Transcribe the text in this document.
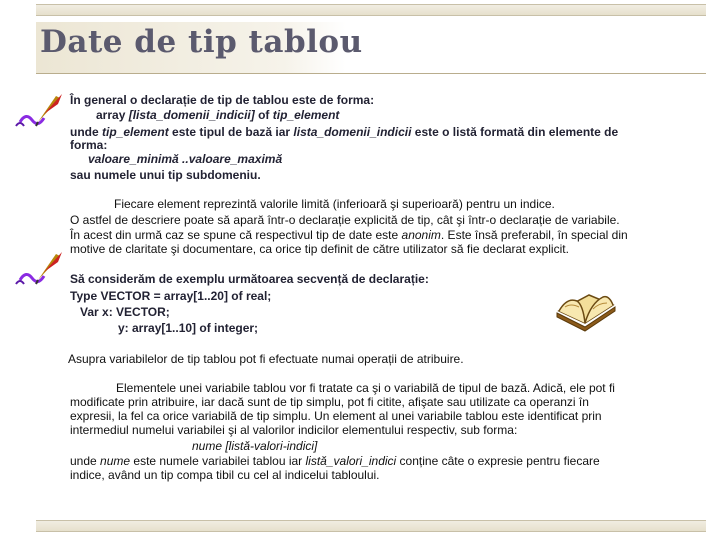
Date de tip tablou

În general o declarație de tip de tablou este de forma:

array [lista_domenii_indicii] of tip_element

unde tip_element este tipul de bază iar lista_domenii_indicii este o listă formată din elemente de

forma:

valoare_minimă ..valoare_maximă

sau numele unui tip subdomeniu.

Fiecare element reprezintă valorile limită (inferioară şi superioară) pentru un indice.

O astfel de descriere poate să apară într-o declarație explicită de tip, cât şi într-o declarație de variabile.

În acest din urmă caz se spune că respectivul tip de date este anonim. Este însă preferabil, în special din

motive de claritate şi documentare, ca orice tip definit de către utilizator să fie declarat explicit.

Să considerăm de exemplu următoarea secvență de declarație:

Type VECTOR = array[1..20] of real;

Var x: VECTOR;

y: array[1..10] of integer;

Asupra variabilelor de tip tablou pot fi efectuate numai operații de atribuire.

Elementele unei variabile tablou vor fi tratate ca şi o variabilă de tipul de bază. Adică, ele pot fi

modificate prin atribuire, iar dacă sunt de tip simplu, pot fi citite, afişate sau utilizate ca operanzi în

expresii, la fel ca orice variabilă de tip simplu. Un element al unei variabile tablou este identificat prin

intermediul numelui variabilei şi al valorilor indicilor elementului respectiv, sub forma:

nume [listă-valori-indici]

unde nume este numele variabilei tablou iar listă_valori_indici conține câte o expresie pentru fiecare

indice, având un tip compa tibil cu cel al indicelui tabloului.
